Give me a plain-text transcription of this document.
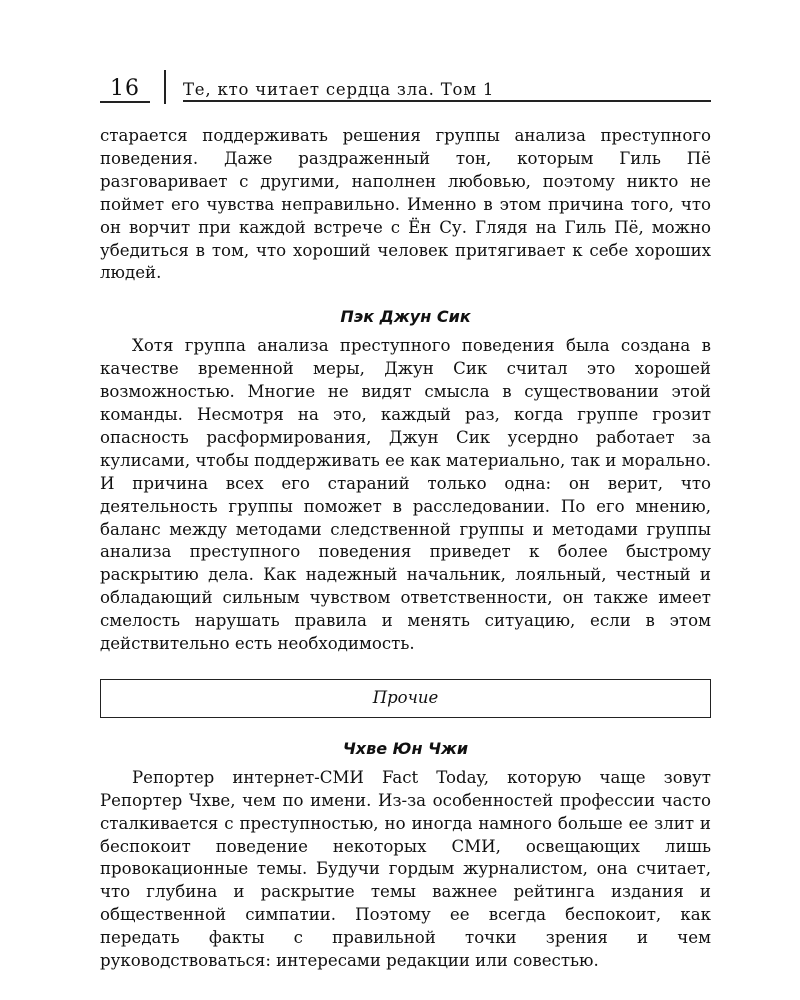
16	Те, кто читает сердца зла. Том 1

старается поддерживать решения группы анализа преступного поведения. Даже раздраженный тон, которым Гиль Пё разговаривает с другими, наполнен любовью, поэтому никто не поймет его чувства неправильно. Именно в этом причина того, что он ворчит при каждой встрече с Ён Су. Глядя на Гиль Пё, можно убедиться в том, что хороший человек притягивает к себе хороших людей.

Пэк Джун Сик

Хотя группа анализа преступного поведения была создана в качестве временной меры, Джун Сик считал это хорошей возможностью. Многие не видят смысла в существовании этой команды. Несмотря на это, каждый раз, когда группе грозит опасность расформирования, Джун Сик усердно работает за кулисами, чтобы поддерживать ее как материально, так и морально. И причина всех его стараний только одна: он верит, что деятельность группы поможет в расследовании. По его мнению, баланс между методами следственной группы и методами группы анализа преступного поведения приведет к более быстрому раскрытию дела. Как надежный начальник, лояльный, честный и обладающий сильным чувством ответственности, он также имеет смелость нарушать правила и менять ситуацию, если в этом действительно есть необходимость.

Прочие
Чхве Юн Чжи

Репортер интернет-СМИ Fact Today, которую чаще зовут Репортер Чхве, чем по имени. Из-за особенностей профессии часто сталкивается с преступностью, но иногда намного больше ее злит и беспокоит поведение некоторых СМИ, освещающих лишь провокационные темы. Будучи гордым журналистом, она считает, что глубина и раскрытие темы важнее рейтинга издания и общественной симпатии. Поэтому ее всегда беспокоит, как передать факты с правильной точки зрения и чем руководствоваться: интересами редакции или совестью.
